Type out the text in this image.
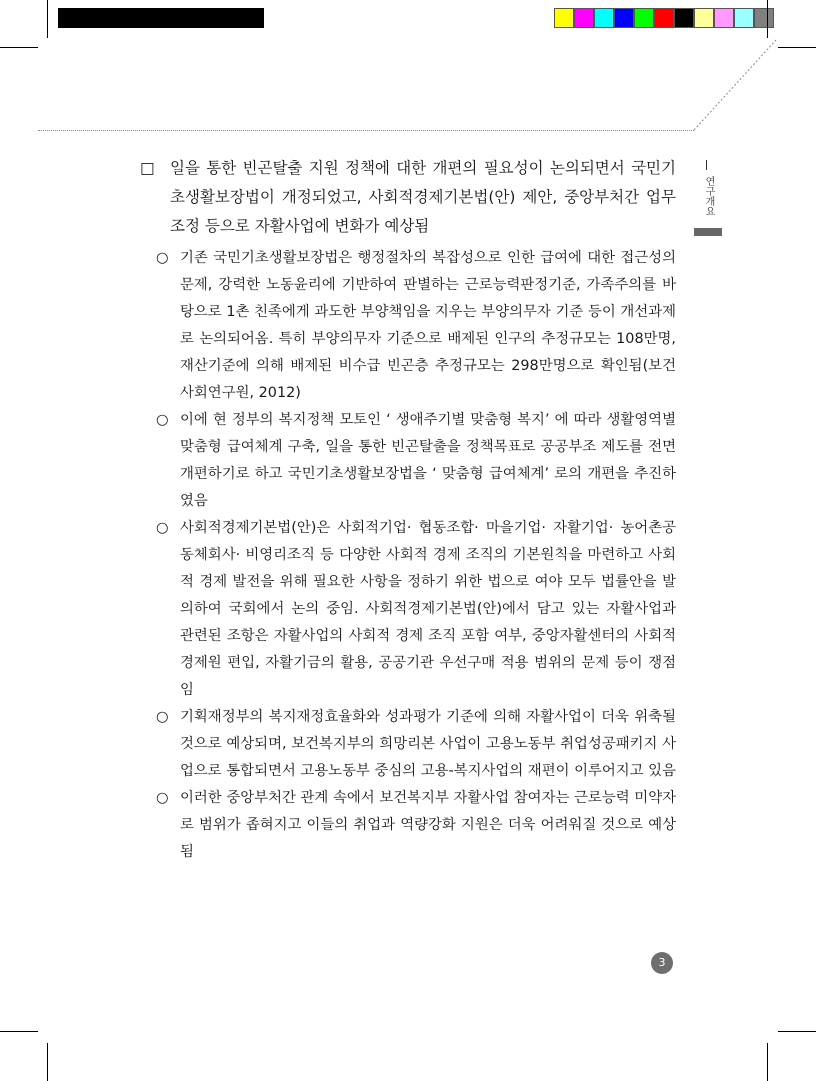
연구개요
□ 일을 통한 빈곤탈출 지원 정책에 대한 개편의 필요성이 논의되면서 국민기초생활보장법이 개정되었고, 사회적경제기본법(안) 제안, 중앙부처간 업무조정 등으로 자활사업에 변화가 예상됨
○ 기존 국민기초생활보장법은 행정절차의 복잡성으로 인한 급여에 대한 접근성의 문제, 강력한 노동윤리에 기반하여 판별하는 근로능력판정기준, 가족주의를 바탕으로 1촌 친족에게 과도한 부양책임을 지우는 부양의무자 기준 등이 개선과제로 논의되어옴. 특히 부양의무자 기준으로 배제된 인구의 추정규모는 108만명, 재산기준에 의해 배제된 비수급 빈곤층 추정규모는 298만명으로 확인됨(보건사회연구원, 2012)
○ 이에 현 정부의 복지정책 모토인 ‘ 생애주기별 맞춤형 복지’ 에 따라 생활영역별 맞춤형 급여체계 구축, 일을 통한 빈곤탈출을 정책목표로 공공부조 제도를 전면 개편하기로 하고 국민기초생활보장법을 ‘ 맞춤형 급여체계’ 로의 개편을 추진하였음
○ 사회적경제기본법(안)은 사회적기업· 협동조합· 마을기업· 자활기업· 농어촌공동체회사· 비영리조직 등 다양한 사회적 경제 조직의 기본원칙을 마련하고 사회적 경제 발전을 위해 필요한 사항을 정하기 위한 법으로 여야 모두 법률안을 발의하여 국회에서 논의 중임. 사회적경제기본법(안)에서 담고 있는 자활사업과 관련된 조항은 자활사업의 사회적 경제 조직 포함 여부, 중앙자활센터의 사회적 경제원 편입, 자활기금의 활용, 공공기관 우선구매 적용 범위의 문제 등이 쟁점임
○ 기획재정부의 복지재정효율화와 성과평가 기준에 의해 자활사업이 더욱 위축될 것으로 예상되며, 보건복지부의 희망리본 사업이 고용노동부 취업성공패키지 사업으로 통합되면서 고용노동부 중심의 고용-복지사업의 재편이 이루어지고 있음
○ 이러한 중앙부처간 관계 속에서 보건복지부 자활사업 참여자는 근로능력 미약자로 범위가 좁혀지고 이들의 취업과 역량강화 지원은 더욱 어려워질 것으로 예상됨
3
